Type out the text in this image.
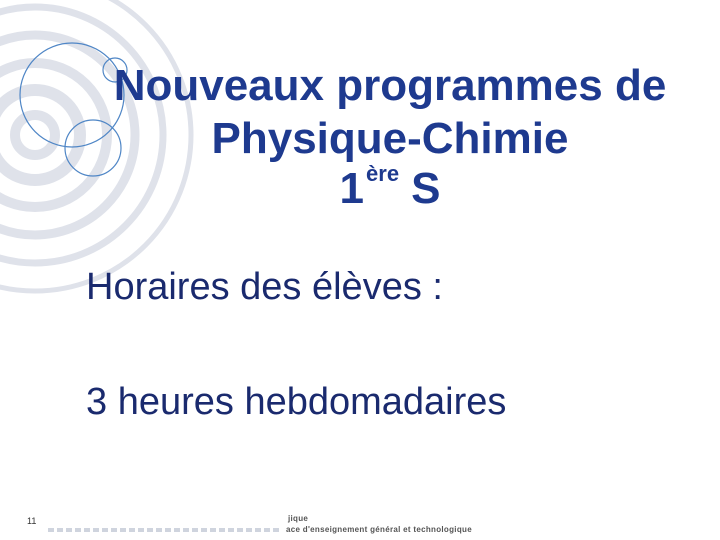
Nouveaux programmes de
Physique-Chimie
1ère S
Horaires des élèves :
3 heures hebdomadaires
11	jique
ace d'enseignement général et technologique
